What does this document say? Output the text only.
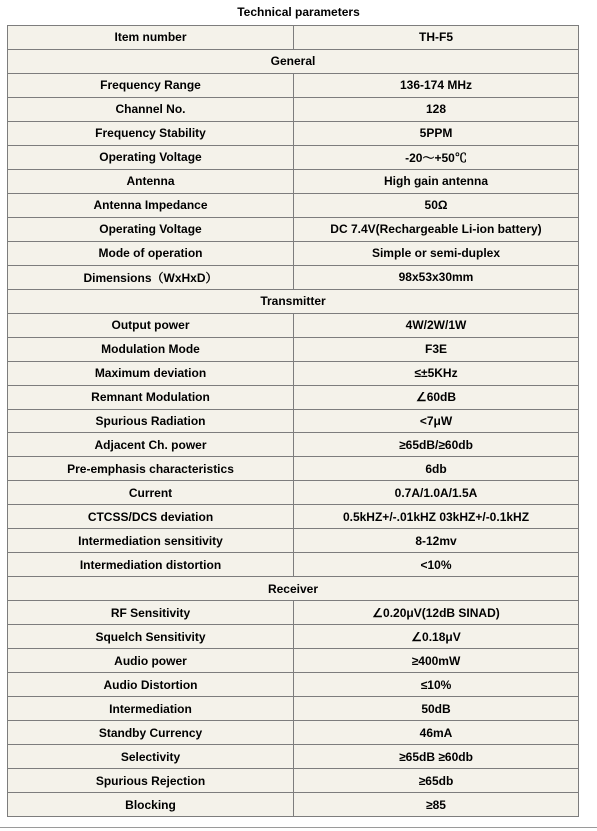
Technical parameters
Item number	TH-F5
General	
Frequency Range	136-174 MHz
Channel No.	128
Frequency Stability	5PPM
Operating Voltage	-20～+50℃
Antenna	High gain antenna
Antenna Impedance	50Ω
Operating Voltage	DC 7.4V(Rechargeable Li-ion battery)
Mode of operation	Simple or semi-duplex
Dimensions（WxHxD）	98x53x30mm
Transmitter	
Output power	4W/2W/1W
Modulation Mode	F3E
Maximum deviation	≤±5KHz
Remnant Modulation	∠60dB
Spurious Radiation	<7μW
Adjacent Ch. power	≥65dB/≥60db
Pre-emphasis characteristics	6db
Current	0.7A/1.0A/1.5A
CTCSS/DCS deviation	0.5kHZ+/-.01kHZ 03kHZ+/-0.1kHZ
Intermediation sensitivity	8-12mv
Intermediation distortion	<10%
Receiver	
RF Sensitivity	∠0.20μV(12dB SINAD)
Squelch Sensitivity	∠0.18μV
Audio power	≥400mW
Audio Distortion	≤10%
Intermediation	50dB
Standby Currency	46mA
Selectivity	≥65dB ≥60db
Spurious Rejection	≥65db
Blocking	≥85
